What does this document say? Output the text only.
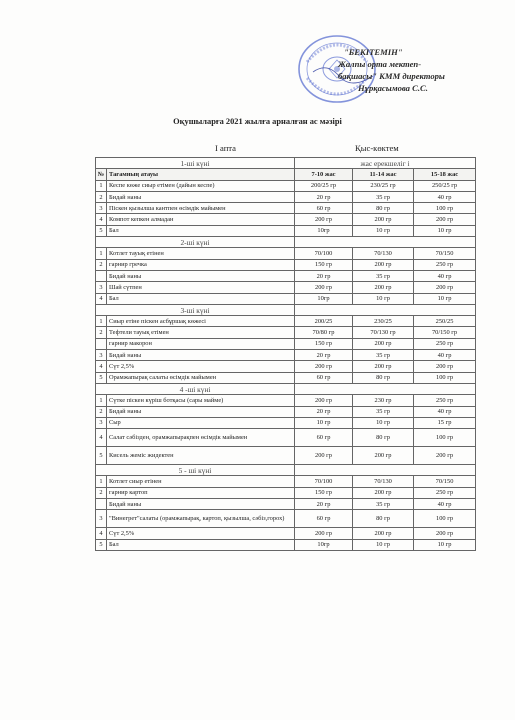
"БЕКІТЕМІН"
Жалпы орта мектеп-
бақшасы" КММ директоры
Нұрқасымова С.С.
Оқушыларға 2021 жылға арналған ас мәзірі
I апта	Қыс-көктем
1-ші күні		жас ерекшеліг i		
№	Тағамның атауы	7-10 жас	11-14 жас	15-18 жас
1	Кеспе көже сиыр етімен (дайын кеспе)	200/25 гр	230/25 гр	250/25 гр
2	Бидай наны	20 гр	35 гр	40 гр
3	Піскен қызылша кантпен өсімдік майымен	60 гр	80 гр	100 гр
4	Компот кепкен алмадан	200 гр	200 гр	200 гр
5	Бал	10гр	10 гр	10 гр
2-ші күні				
1	Котлет тауық етінен	70/100	70/130	70/150
2	гарнир гречка	150 гр	200 гр	250 гр
	Бидай наны	20 гр	35 гр	40 гр
3	Шай сүтпен	200 гр	200 гр	200 гр
4	Бал	10гр	10 гр	10 гр
3-ші күні				
1	Сиыр етіне піскен асбұршақ көжесі	200/25	230/25	250/25
2	Тефтели тауық етімен	70/80 гр	70/130 гр	70/150 гр
	гарнир макорон	150 гр	200 гр	250 гр
3	Бидай наны	20 гр	35 гр	40 гр
4	Сүт 2,5%	200 гр	200 гр	200 гр
5	Орамжапырақ салаты өсімдік майымен	60 гр	80 гр	100 гр
4 -ші күні				
1	Сүтке піскен күріш ботқасы (сары майме)	200 гр	230 гр	250 гр
2	Бидай наны	20 гр	35 гр	40 гр
3	Сыр	10 гр	10 гр	15 гр
4	Салат сәбізден, орамжапырақпен өсімдік майымен	60 гр	80 гр	100 гр
5	Кисель жеміс жидектен	200 гр	200 гр	200 гр
5 - ші күні				
1	Котлет сиыр етінен	70/100	70/130	70/150
2	гарнир картоп	150 гр	200 гр	250 гр
	Бидай наны	20 гр	35 гр	40 гр
3	"Винегрет"салаты (орамжапырақ, картоп, қызылша, сәбіз,горох)	60 гр	80 гр	100 гр
4	Сүт 2,5%	200 гр	200 гр	200 гр
5	Бал	10гр	10 гр	10 гр
